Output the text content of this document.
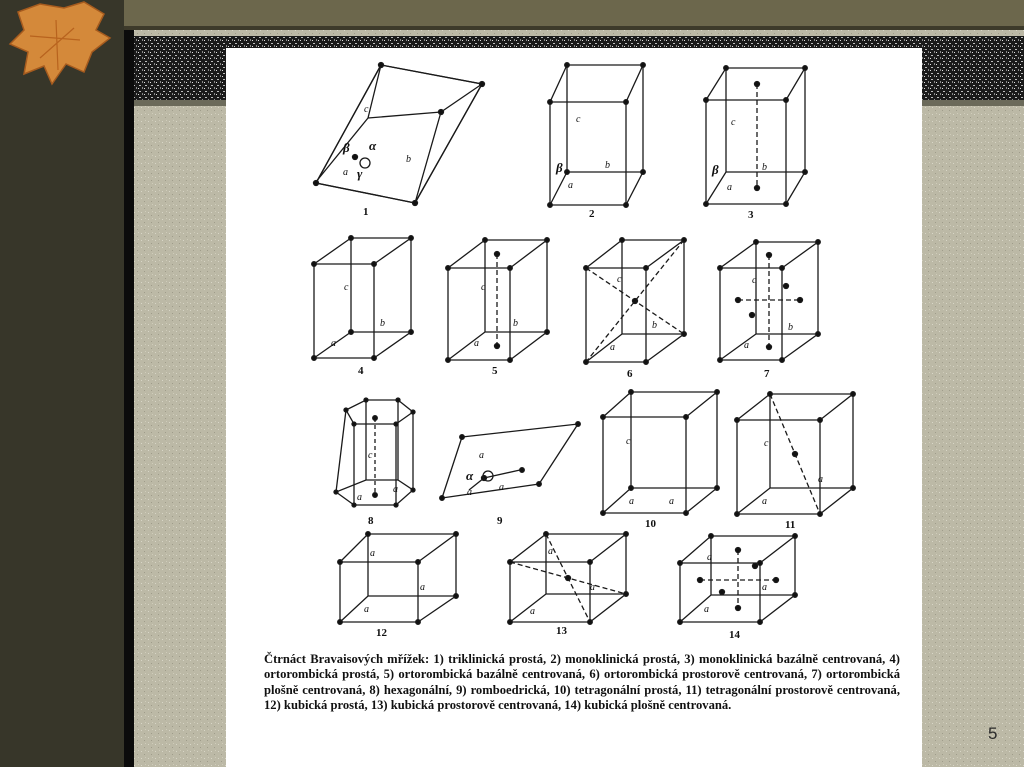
c
b
a
β α
γ
1
c
b
a
β
2
c
b
a
β
3
c
b
a
4
c
b
a
5
c
b
a
6
c
b
a
7
c
a
a
8
a
a
a
α
9
c
a	a
10
c
a
a
11
a
a
a
12
a
a
a
13
a
a
a
14

Čtrnáct Bravaisových mřížek: 1) triklinická prostá, 2) monoklinická prostá, 3) monoklinická bazálně centrovaná, 4) ortorombická prostá, 5) ortorombická bazálně centrovaná, 6) ortorombická prostorově centrovaná, 7) ortorombická plošně centrovaná, 8) hexagonální, 9) romboedrická, 10) tetragonální prostá, 11) tetragonální prostorově centrovaná, 12) kubická prostá, 13) kubická prostorově centrovaná, 14) kubická plošně centrovaná.

5
